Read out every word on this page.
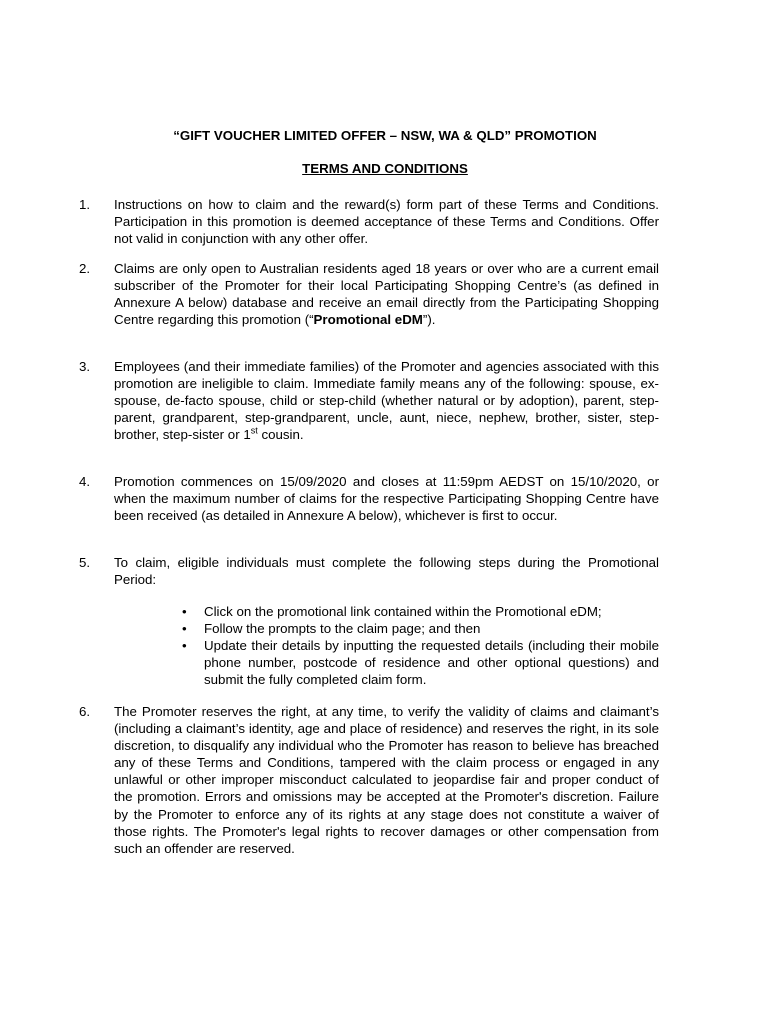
“GIFT VOUCHER LIMITED OFFER – NSW, WA & QLD” PROMOTION
TERMS AND CONDITIONS
1.	Instructions on how to claim and the reward(s) form part of these Terms and Conditions. Participation in this promotion is deemed acceptance of these Terms and Conditions. Offer not valid in conjunction with any other offer.
2.	Claims are only open to Australian residents aged 18 years or over who are a current email subscriber of the Promoter for their local Participating Shopping Centre’s (as defined in Annexure A below) database and receive an email directly from the Participating Shopping Centre regarding this promotion (“Promotional eDM”).
3.	Employees (and their immediate families) of the Promoter and agencies associated with this promotion are ineligible to claim. Immediate family means any of the following: spouse, ex-spouse, de-facto spouse, child or step-child (whether natural or by adoption), parent, step-parent, grandparent, step-grandparent, uncle, aunt, niece, nephew, brother, sister, step-brother, step-sister or 1st cousin.
4.	Promotion commences on 15/09/2020 and closes at 11:59pm AEDST on 15/10/2020, or when the maximum number of claims for the respective Participating Shopping Centre have been received (as detailed in Annexure A below), whichever is first to occur.
5.	To claim, eligible individuals must complete the following steps during the Promotional Period:
• Click on the promotional link contained within the Promotional eDM;
• Follow the prompts to the claim page; and then
• Update their details by inputting the requested details (including their mobile phone number, postcode of residence and other optional questions) and submit the fully completed claim form.
6.	The Promoter reserves the right, at any time, to verify the validity of claims and claimant’s (including a claimant’s identity, age and place of residence) and reserves the right, in its sole discretion, to disqualify any individual who the Promoter has reason to believe has breached any of these Terms and Conditions, tampered with the claim process or engaged in any unlawful or other improper misconduct calculated to jeopardise fair and proper conduct of the promotion. Errors and omissions may be accepted at the Promoter's discretion. Failure by the Promoter to enforce any of its rights at any stage does not constitute a waiver of those rights. The Promoter's legal rights to recover damages or other compensation from such an offender are reserved.
